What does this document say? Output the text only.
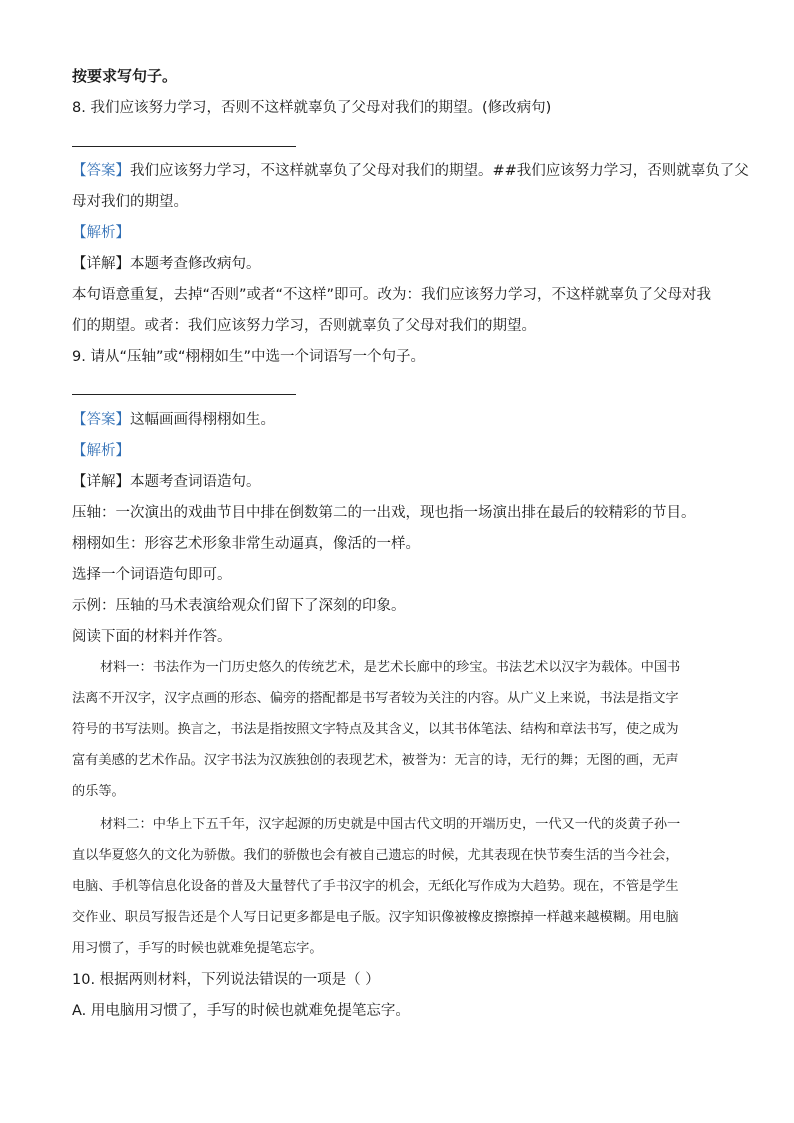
按要求写句子。
8. 我们应该努力学习，否则不这样就辜负了父母对我们的期望。(修改病句)
【答案】我们应该努力学习，不这样就辜负了父母对我们的期望。##我们应该努力学习，否则就辜负了父
母对我们的期望。
【解析】
【详解】本题考查修改病句。
本句语意重复，去掉“否则”或者“不这样”即可。改为：我们应该努力学习，不这样就辜负了父母对我
们的期望。或者：我们应该努力学习，否则就辜负了父母对我们的期望。
9. 请从“压轴”或“栩栩如生”中选一个词语写一个句子。
【答案】这幅画画得栩栩如生。
【解析】
【详解】本题考查词语造句。
压轴：一次演出的戏曲节目中排在倒数第二的一出戏，现也指一场演出排在最后的较精彩的节目。
栩栩如生：形容艺术形象非常生动逼真，像活的一样。
选择一个词语造句即可。
示例：压轴的马术表演给观众们留下了深刻的印象。
阅读下面的材料并作答。
材料一：书法作为一门历史悠久的传统艺术，是艺术长廊中的珍宝。书法艺术以汉字为载体。中国书
法离不开汉字，汉字点画的形态、偏旁的搭配都是书写者较为关注的内容。从广义上来说，书法是指文字
符号的书写法则。换言之，书法是指按照文字特点及其含义，以其书体笔法、结构和章法书写，使之成为
富有美感的艺术作品。汉字书法为汉族独创的表现艺术，被誉为：无言的诗，无行的舞；无图的画，无声
的乐等。
材料二：中华上下五千年，汉字起源的历史就是中国古代文明的开端历史，一代又一代的炎黄子孙一
直以华夏悠久的文化为骄傲。我们的骄傲也会有被自己遗忘的时候，尤其表现在快节奏生活的当今社会，
电脑、手机等信息化设备的普及大量替代了手书汉字的机会，无纸化写作成为大趋势。现在，不管是学生
交作业、职员写报告还是个人写日记更多都是电子版。汉字知识像被橡皮擦擦掉一样越来越模糊。用电脑
用习惯了，手写的时候也就难免提笔忘字。
10. 根据两则材料，下列说法错误的一项是（ ）
A. 用电脑用习惯了，手写的时候也就难免提笔忘字。
